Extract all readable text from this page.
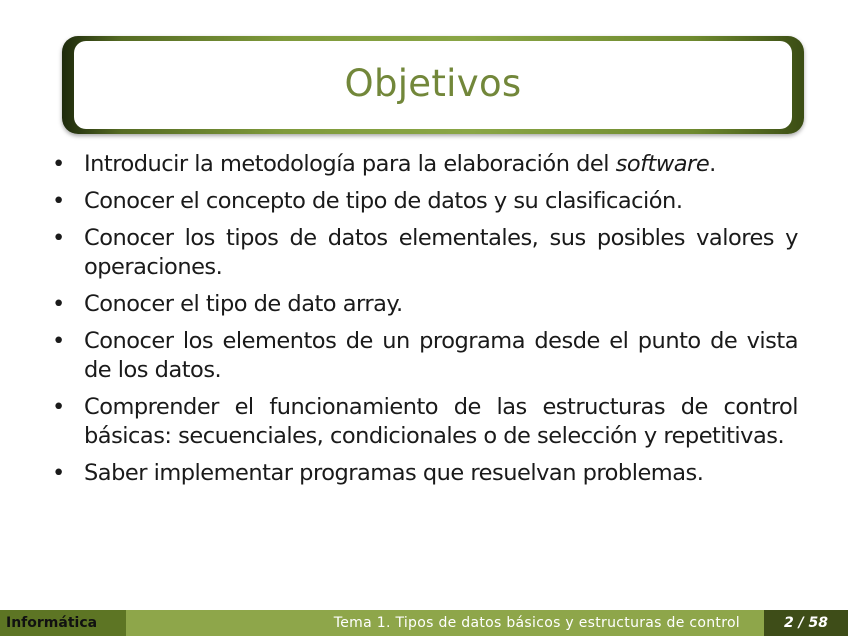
Objetivos
• Introducir la metodología para la elaboración del software.
• Conocer el concepto de tipo de datos y su clasificación.
• Conocer los tipos de datos elementales, sus posibles valores y operaciones.
• Conocer el tipo de dato array.
• Conocer los elementos de un programa desde el punto de vista de los datos.
• Comprender el funcionamiento de las estructuras de control básicas: secuenciales, condicionales o de selección y repetitivas.
• Saber implementar programas que resuelvan problemas.
Informática	Tema 1. Tipos de datos básicos y estructuras de control	2 / 58
